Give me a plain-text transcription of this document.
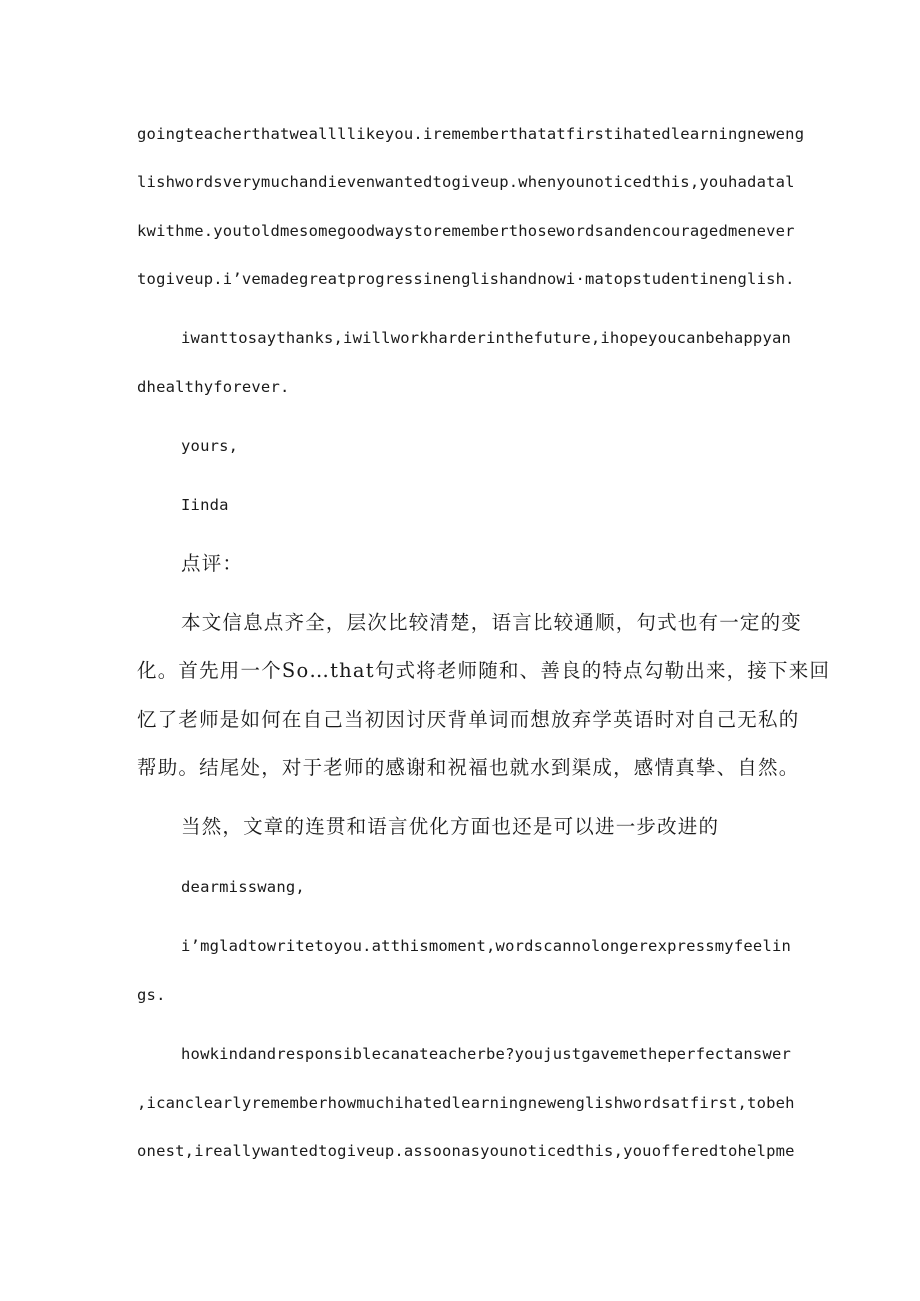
goingteacherthatweallllikeyou.irememberthatatfirstihatedlearningneweng
lishwordsverymuchandievenwantedtogiveup.whenyounoticedthis,youhadatal
kwithme.youtoldmesomegoodwaystorememberthosewordsandencouragedmenever
togiveup.i’vemadegreatprogressinenglishandnowi·matopstudentinenglish.
iwanttosaythanks,iwillworkharderinthefuture,ihopeyoucanbehappyan
dhealthyforever.
yours,
Iinda
点评：
本文信息点齐全，层次比较清楚，语言比较通顺，句式也有一定的变
化。首先用一个So…that句式将老师随和、善良的特点勾勒出来，接下来回
忆了老师是如何在自己当初因讨厌背单词而想放弃学英语时对自己无私的
帮助。结尾处，对于老师的感谢和祝福也就水到渠成，感情真挚、自然。
当然，文章的连贯和语言优化方面也还是可以进一步改进的
dearmisswang,
i’mgladtowritetoyou.atthismoment,wordscannolongerexpressmyfeelin
gs.
howkindandresponsiblecanateacherbe?youjustgavemetheperfectanswer
,icanclearlyrememberhowmuchihatedlearningnewenglishwordsatfirst,tobeh
onest,ireallywantedtogiveup.assoonasyounoticedthis,youofferedtohelpme
